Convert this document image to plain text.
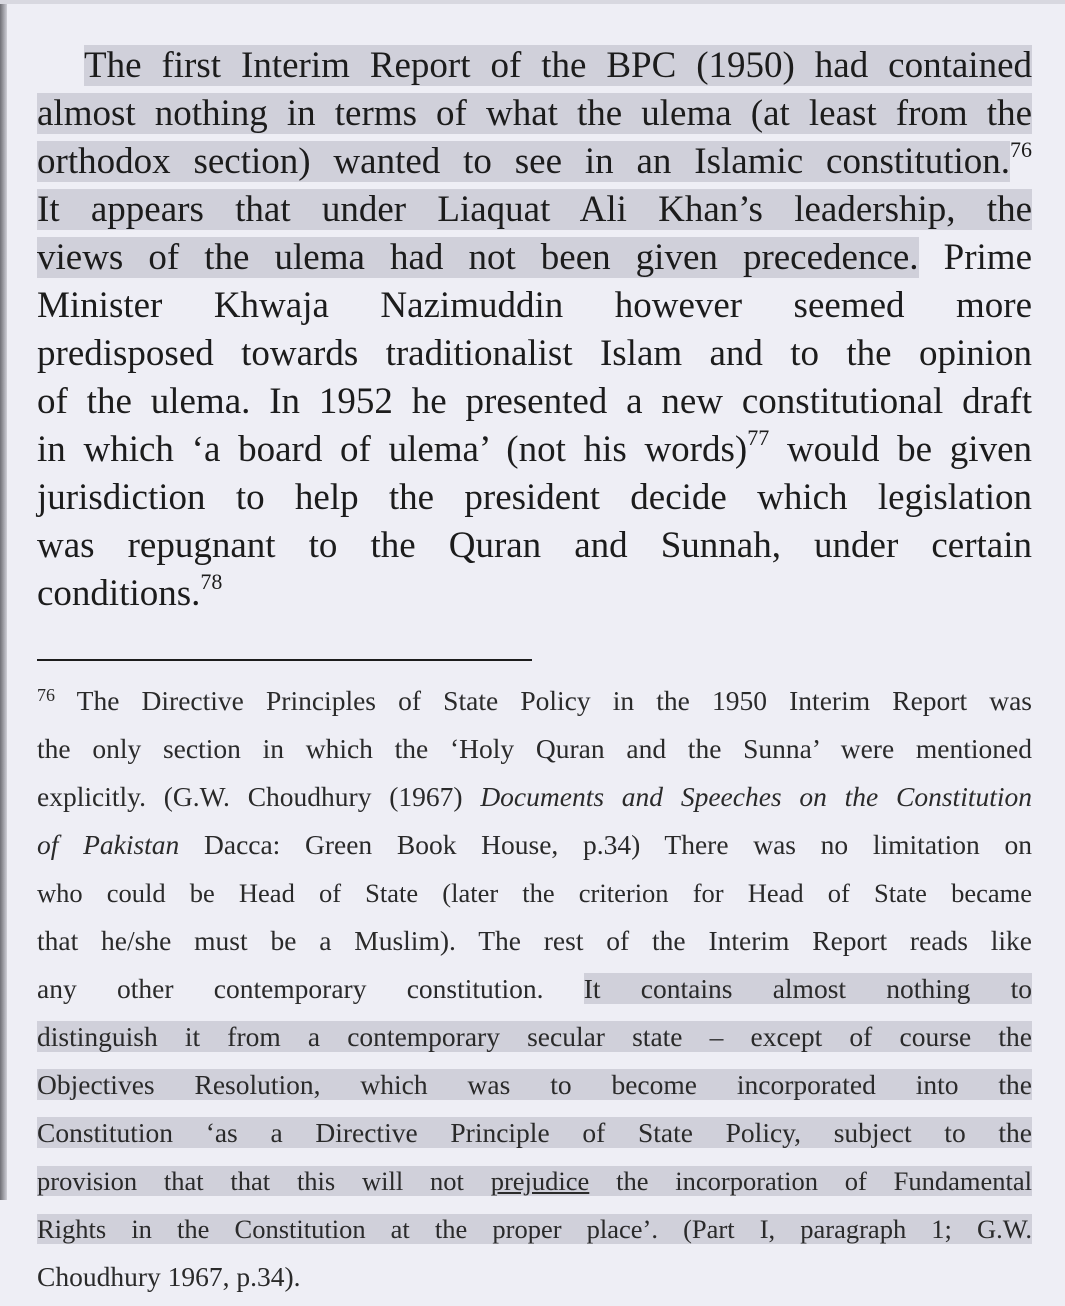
The first Interim Report of the BPC (1950) had contained
almost nothing in terms of what the ulema (at least from the
orthodox section) wanted to see in an Islamic constitution.$^{76}$
It appears that under Liaquat Ali Khan’s leadership, the
views of the ulema had not been given precedence. Prime
Minister Khwaja Nazimuddin however seemed more
predisposed towards traditionalist Islam and to the opinion
of the ulema. In 1952 he presented a new constitutional draft
in which ‘a board of ulema’ (not his words)$^{77}$ would be given
jurisdiction to help the president decide which legislation
was repugnant to the Quran and Sunnah, under certain
conditions.$^{78}$
$^{76}$ The Directive Principles of State Policy in the 1950 Interim Report was
the only section in which the ‘Holy Quran and the Sunna’ were mentioned
explicitly. (G.W. Choudhury (1967) Documents and Speeches on the Constitution
of Pakistan Dacca: Green Book House, p.34) There was no limitation on
who could be Head of State (later the criterion for Head of State became
that he/she must be a Muslim). The rest of the Interim Report reads like
any other contemporary constitution. It contains almost nothing to
distinguish it from a contemporary secular state – except of course the
Objectives Resolution, which was to become incorporated into the
Constitution ‘as a Directive Principle of State Policy, subject to the
provision that that this will not prejudice the incorporation of Fundamental
Rights in the Constitution at the proper place’. (Part I, paragraph 1; G.W.
Choudhury 1967, p.34).
